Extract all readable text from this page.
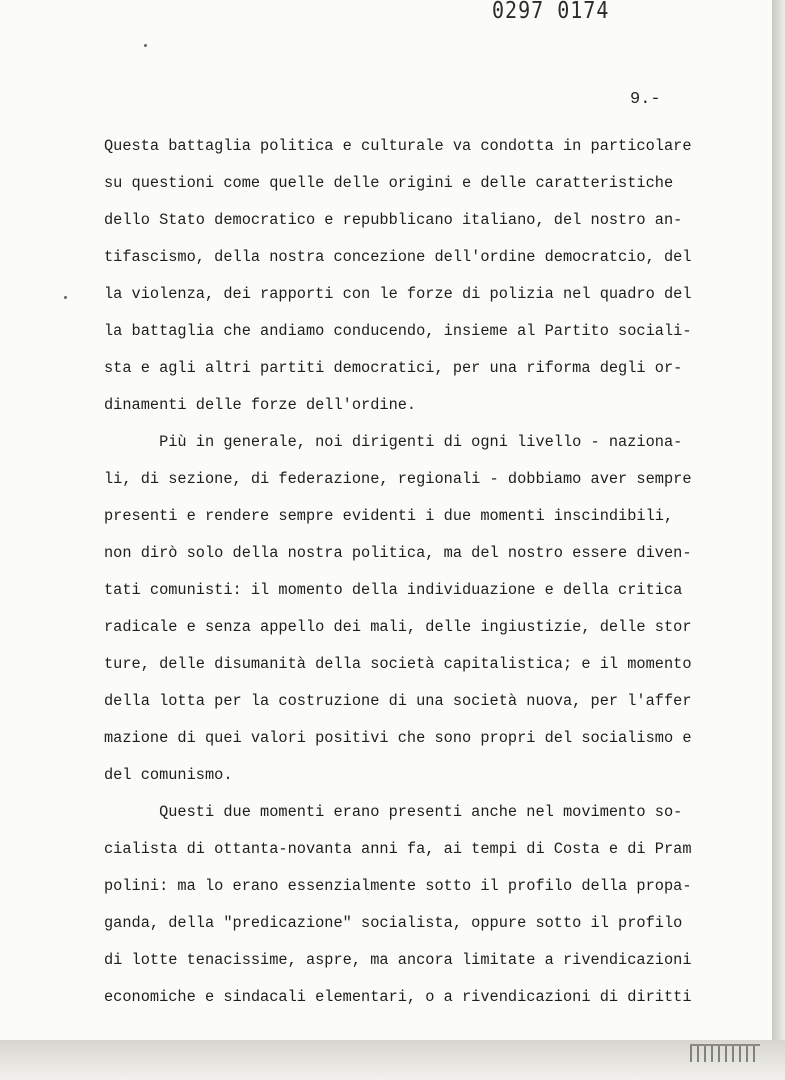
0297 0174
9.-
Questa battaglia politica e culturale va condotta in particolare
su questioni come quelle delle origini e delle caratteristiche
dello Stato democratico e repubblicano italiano, del nostro an-
tifascismo, della nostra concezione dell'ordine democratcio, del
la violenza, dei rapporti con le forze di polizia nel quadro del
la battaglia che andiamo conducendo, insieme al Partito sociali-
sta e agli altri partiti democratici, per una riforma degli or-
dinamenti delle forze dell'ordine.
Più in generale, noi dirigenti di ogni livello - naziona-
li, di sezione, di federazione, regionali - dobbiamo aver sempre
presenti e rendere sempre evidenti i due momenti inscindibili,
non dirò solo della nostra politica, ma del nostro essere diven-
tati comunisti: il momento della individuazione e della critica
radicale e senza appello dei mali, delle ingiustizie, delle stor
ture, delle disumanità della società capitalistica; e il momento
della lotta per la costruzione di una società nuova, per l'affer
mazione di quei valori positivi che sono propri del socialismo e
del comunismo.
Questi due momenti erano presenti anche nel movimento so-
cialista di ottanta-novanta anni fa, ai tempi di Costa e di Pram
polini: ma lo erano essenzialmente sotto il profilo della propa-
ganda, della "predicazione" socialista, oppure sotto il profilo
di lotte tenacissime, aspre, ma ancora limitate a rivendicazioni
economiche e sindacali elementari, o a rivendicazioni di diritti
